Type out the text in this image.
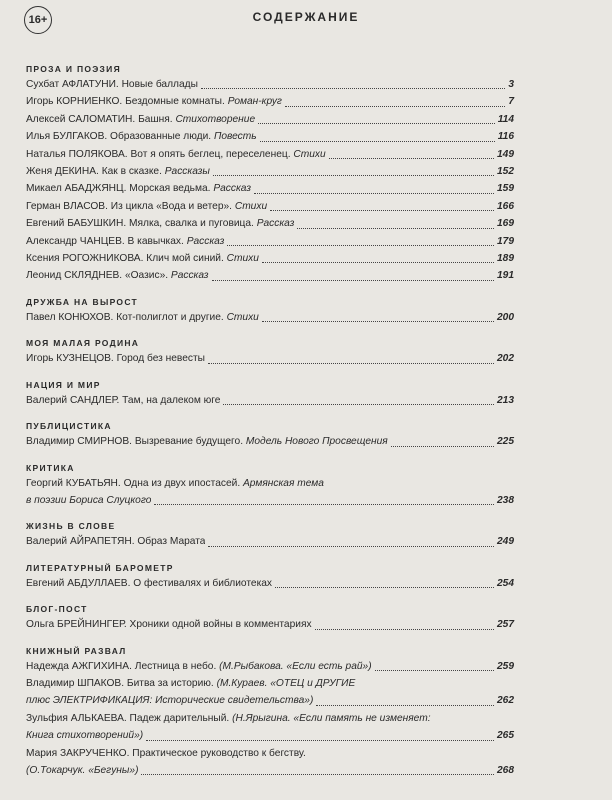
16+	СОДЕРЖАНИЕ
ПРОЗА И ПОЭЗИЯ
Сухбат АФЛАТУНИ. Новые баллады	3
Игорь КОРНИЕНКО. Бездомные комнаты. Роман-круг	7
Алексей САЛОМАТИН. Башня. Стихотворение	114
Илья БУЛГАКОВ. Образованные люди. Повесть	116
Наталья ПОЛЯКОВА. Вот я опять беглец, переселенец. Стихи	149
Женя ДЕКИНА. Как в сказке. Рассказы	152
Микаел АБАДЖЯНЦ. Морская ведьма. Рассказ	159
Герман ВЛАСОВ. Из цикла «Вода и ветер». Стихи	166
Евгений БАБУШКИН. Мялка, свалка и пуговица. Рассказ	169
Александр ЧАНЦЕВ. В кавычках. Рассказ	179
Ксения РОГОЖНИКОВА. Клич мой синий. Стихи	189
Леонид СКЛЯДНЕВ. «Оазис». Рассказ	191
ДРУЖБА НА ВЫРОСТ
Павел КОНЮХОВ. Кот-полиглот и другие. Стихи	200
МОЯ МАЛАЯ РОДИНА
Игорь КУЗНЕЦОВ. Город без невесты	202
НАЦИЯ И МИР
Валерий САНДЛЕР. Там, на далеком юге	213
ПУБЛИЦИСТИКА
Владимир СМИРНОВ. Вызревание будущего. Модель Нового Просвещения	225
КРИТИКА
Георгий КУБАТЬЯН. Одна из двух ипостасей. Армянская тема
в поэзии Бориса Слуцкого	238
ЖИЗНЬ В СЛОВЕ
Валерий АЙРАПЕТЯН. Образ Марата	249
ЛИТЕРАТУРНЫЙ БАРОМЕТР
Евгений АБДУЛЛАЕВ. О фестивалях и библиотеках	254
БЛОГ-ПОСТ
Ольга БРЕЙНИНГЕР. Хроники одной войны в комментариях	257
КНИЖНЫЙ РАЗВАЛ
Надежда АЖГИХИНА. Лестница в небо. (М.Рыбакова. «Если есть рай»)	259
Владимир ШПАКОВ. Битва за историю. (М.Кураев. «ОТЕЦ и ДРУГИЕ
плюс ЭЛЕКТРИФИКАЦИЯ: Исторические свидетельства»)	262
Зульфия АЛЬКАЕВА. Падеж дарительный. (Н.Ярыгина. «Если память не изменяет:
Книга стихотворений»)	265
Мария ЗАКРУЧЕНКО. Практическое руководство к бегству.
(О.Токарчук. «Бегуны»)	268
